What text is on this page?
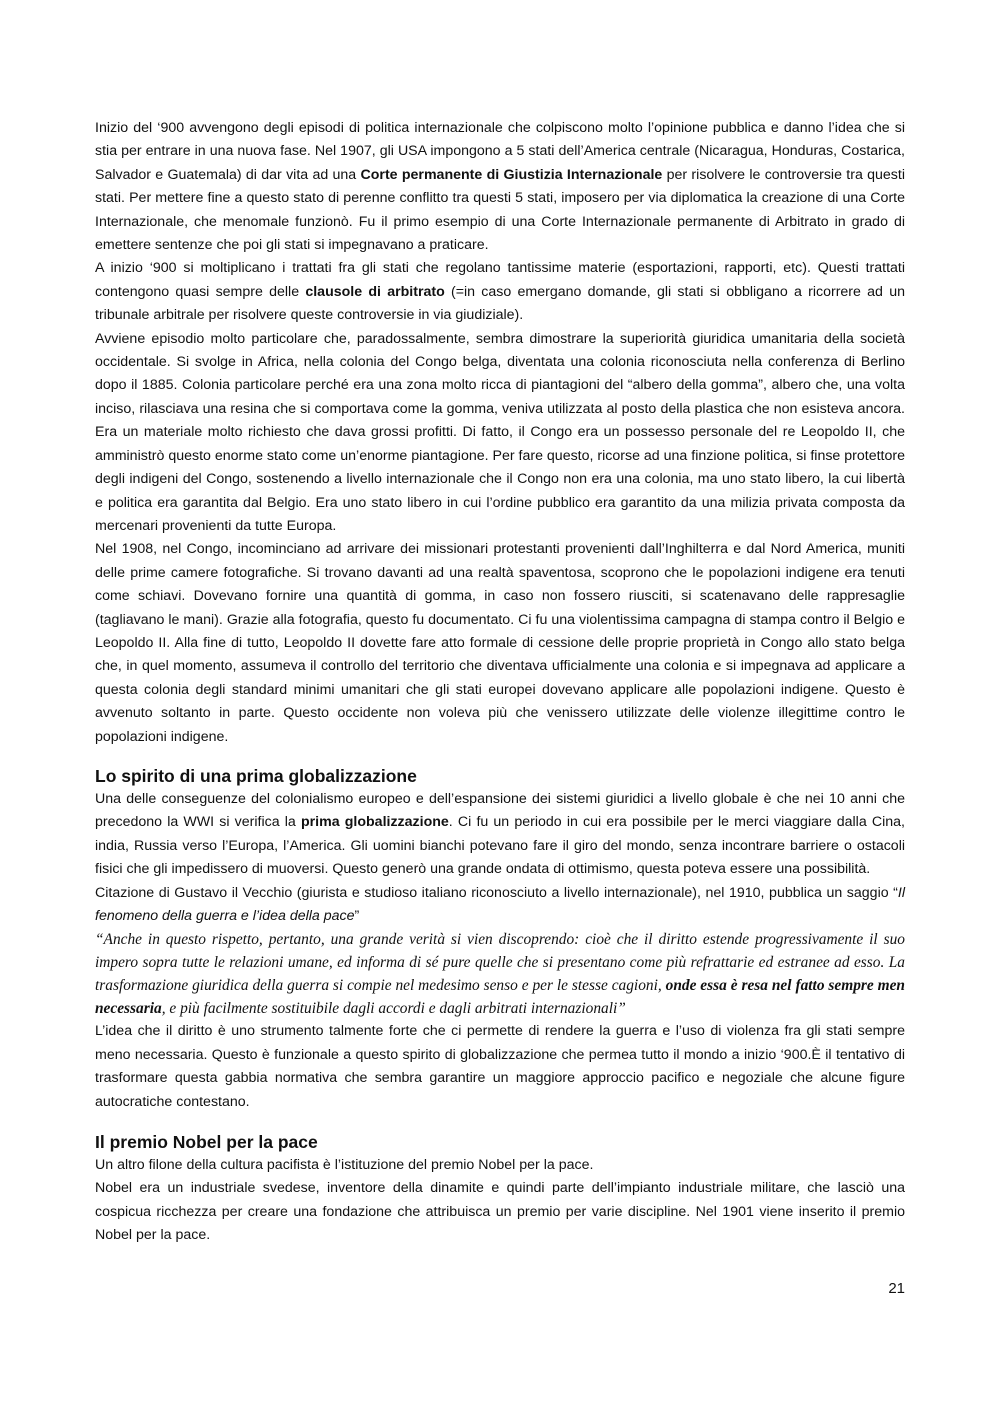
Inizio del ‘900 avvengono degli episodi di politica internazionale che colpiscono molto l’opinione pubblica e danno l’idea che si stia per entrare in una nuova fase. Nel 1907, gli USA impongono a 5 stati dell’America centrale (Nicaragua, Honduras, Costarica, Salvador e Guatemala) di dar vita ad una Corte permanente di Giustizia Internazionale per risolvere le controversie tra questi stati. Per mettere fine a questo stato di perenne conflitto tra questi 5 stati, imposero per via diplomatica la creazione di una Corte Internazionale, che menomale funzionò. Fu il primo esempio di una Corte Internazionale permanente di Arbitrato in grado di emettere sentenze che poi gli stati si impegnavano a praticare.

A inizio ‘900 si moltiplicano i trattati fra gli stati che regolano tantissime materie (esportazioni, rapporti, etc). Questi trattati contengono quasi sempre delle clausole di arbitrato (=in caso emergano domande, gli stati si obbligano a ricorrere ad un tribunale arbitrale per risolvere queste controversie in via giudiziale).

Avviene episodio molto particolare che, paradossalmente, sembra dimostrare la superiorità giuridica umanitaria della società occidentale. Si svolge in Africa, nella colonia del Congo belga, diventata una colonia riconosciuta nella conferenza di Berlino dopo il 1885. Colonia particolare perché era una zona molto ricca di piantagioni del “albero della gomma”, albero che, una volta inciso, rilasciava una resina che si comportava come la gomma, veniva utilizzata al posto della plastica che non esisteva ancora. Era un materiale molto richiesto che dava grossi profitti. Di fatto, il Congo era un possesso personale del re Leopoldo II, che amministrò questo enorme stato come un’enorme piantagione. Per fare questo, ricorse ad una finzione politica, si finse protettore degli indigeni del Congo, sostenendo a livello internazionale che il Congo non era una colonia, ma uno stato libero, la cui libertà e politica era garantita dal Belgio. Era uno stato libero in cui l’ordine pubblico era garantito da una milizia privata composta da mercenari provenienti da tutte Europa.

Nel 1908, nel Congo, incominciano ad arrivare dei missionari protestanti provenienti dall’Inghilterra e dal Nord America, muniti delle prime camere fotografiche. Si trovano davanti ad una realtà spaventosa, scoprono che le popolazioni indigene era tenuti come schiavi. Dovevano fornire una quantità di gomma, in caso non fossero riusciti, si scatenavano delle rappresaglie (tagliavano le mani). Grazie alla fotografia, questo fu documentato. Ci fu una violentissima campagna di stampa contro il Belgio e Leopoldo II. Alla fine di tutto, Leopoldo II dovette fare atto formale di cessione delle proprie proprietà in Congo allo stato belga che, in quel momento, assumeva il controllo del territorio che diventava ufficialmente una colonia e si impegnava ad applicare a questa colonia degli standard minimi umanitari che gli stati europei dovevano applicare alle popolazioni indigene. Questo è avvenuto soltanto in parte. Questo occidente non voleva più che venissero utilizzate delle violenze illegittime contro le popolazioni indigene.

Lo spirito di una prima globalizzazione

Una delle conseguenze del colonialismo europeo e dell’espansione dei sistemi giuridici a livello globale è che nei 10 anni che precedono la WWI si verifica la prima globalizzazione. Ci fu un periodo in cui era possibile per le merci viaggiare dalla Cina, india, Russia verso l’Europa, l’America. Gli uomini bianchi potevano fare il giro del mondo, senza incontrare barriere o ostacoli fisici che gli impedissero di muoversi. Questo generò una grande ondata di ottimismo, questa poteva essere una possibilità.

Citazione di Gustavo il Vecchio (giurista e studioso italiano riconosciuto a livello internazionale), nel 1910, pubblica un saggio “Il fenomeno della guerra e l’idea della pace”

“Anche in questo rispetto, pertanto, una grande verità si vien discoprendo: cioè che il diritto estende progressivamente il suo impero sopra tutte le relazioni umane, ed informa di sé pure quelle che si presentano come più refrattarie ed estranee ad esso. La trasformazione giuridica della guerra si compie nel medesimo senso e per le stesse cagioni, onde essa è resa nel fatto sempre men necessaria, e più facilmente sostituibile dagli accordi e dagli arbitrati internazionali”

L’idea che il diritto è uno strumento talmente forte che ci permette di rendere la guerra e l’uso di violenza fra gli stati sempre meno necessaria. Questo è funzionale a questo spirito di globalizzazione che permea tutto il mondo a inizio ‘900.È il tentativo di trasformare questa gabbia normativa che sembra garantire un maggiore approccio pacifico e negoziale che alcune figure autocratiche contestano.

Il premio Nobel per la pace

Un altro filone della cultura pacifista è l’istituzione del premio Nobel per la pace.

Nobel era un industriale svedese, inventore della dinamite e quindi parte dell’impianto industriale militare, che lasciò una cospicua ricchezza per creare una fondazione che attribuisca un premio per varie discipline. Nel 1901 viene inserito il premio Nobel per la pace.

21
